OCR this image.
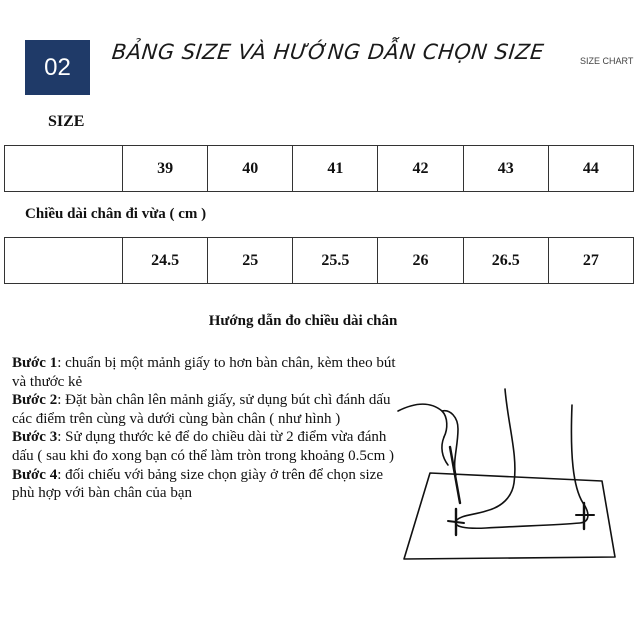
02
BẢNG SIZE VÀ HƯỚNG DẪN CHỌN SIZE	SIZE CHART
SIZE
	39	40	41	42	43	44
Chiều dài chân đi vừa ( cm )
	24.5	25	25.5	26	26.5	27
Hướng dẫn đo chiều dài chân
Bước 1: chuẩn bị một mảnh giấy to hơn bàn chân, kèm theo bút và thước kẻ
Bước 2: Đặt bàn chân lên mảnh giấy, sử dụng bút chì đánh dấu các điểm trên cùng và dưới cùng bàn chân ( như hình )
Bước 3: Sử dụng thước kẻ để do chiều dài từ 2 điểm vừa đánh dấu ( sau khi đo xong bạn có thể làm tròn trong khoảng 0.5cm )
Bước 4: đối chiếu với bảng size chọn giày ở trên để chọn size phù hợp với bàn chân của bạn
